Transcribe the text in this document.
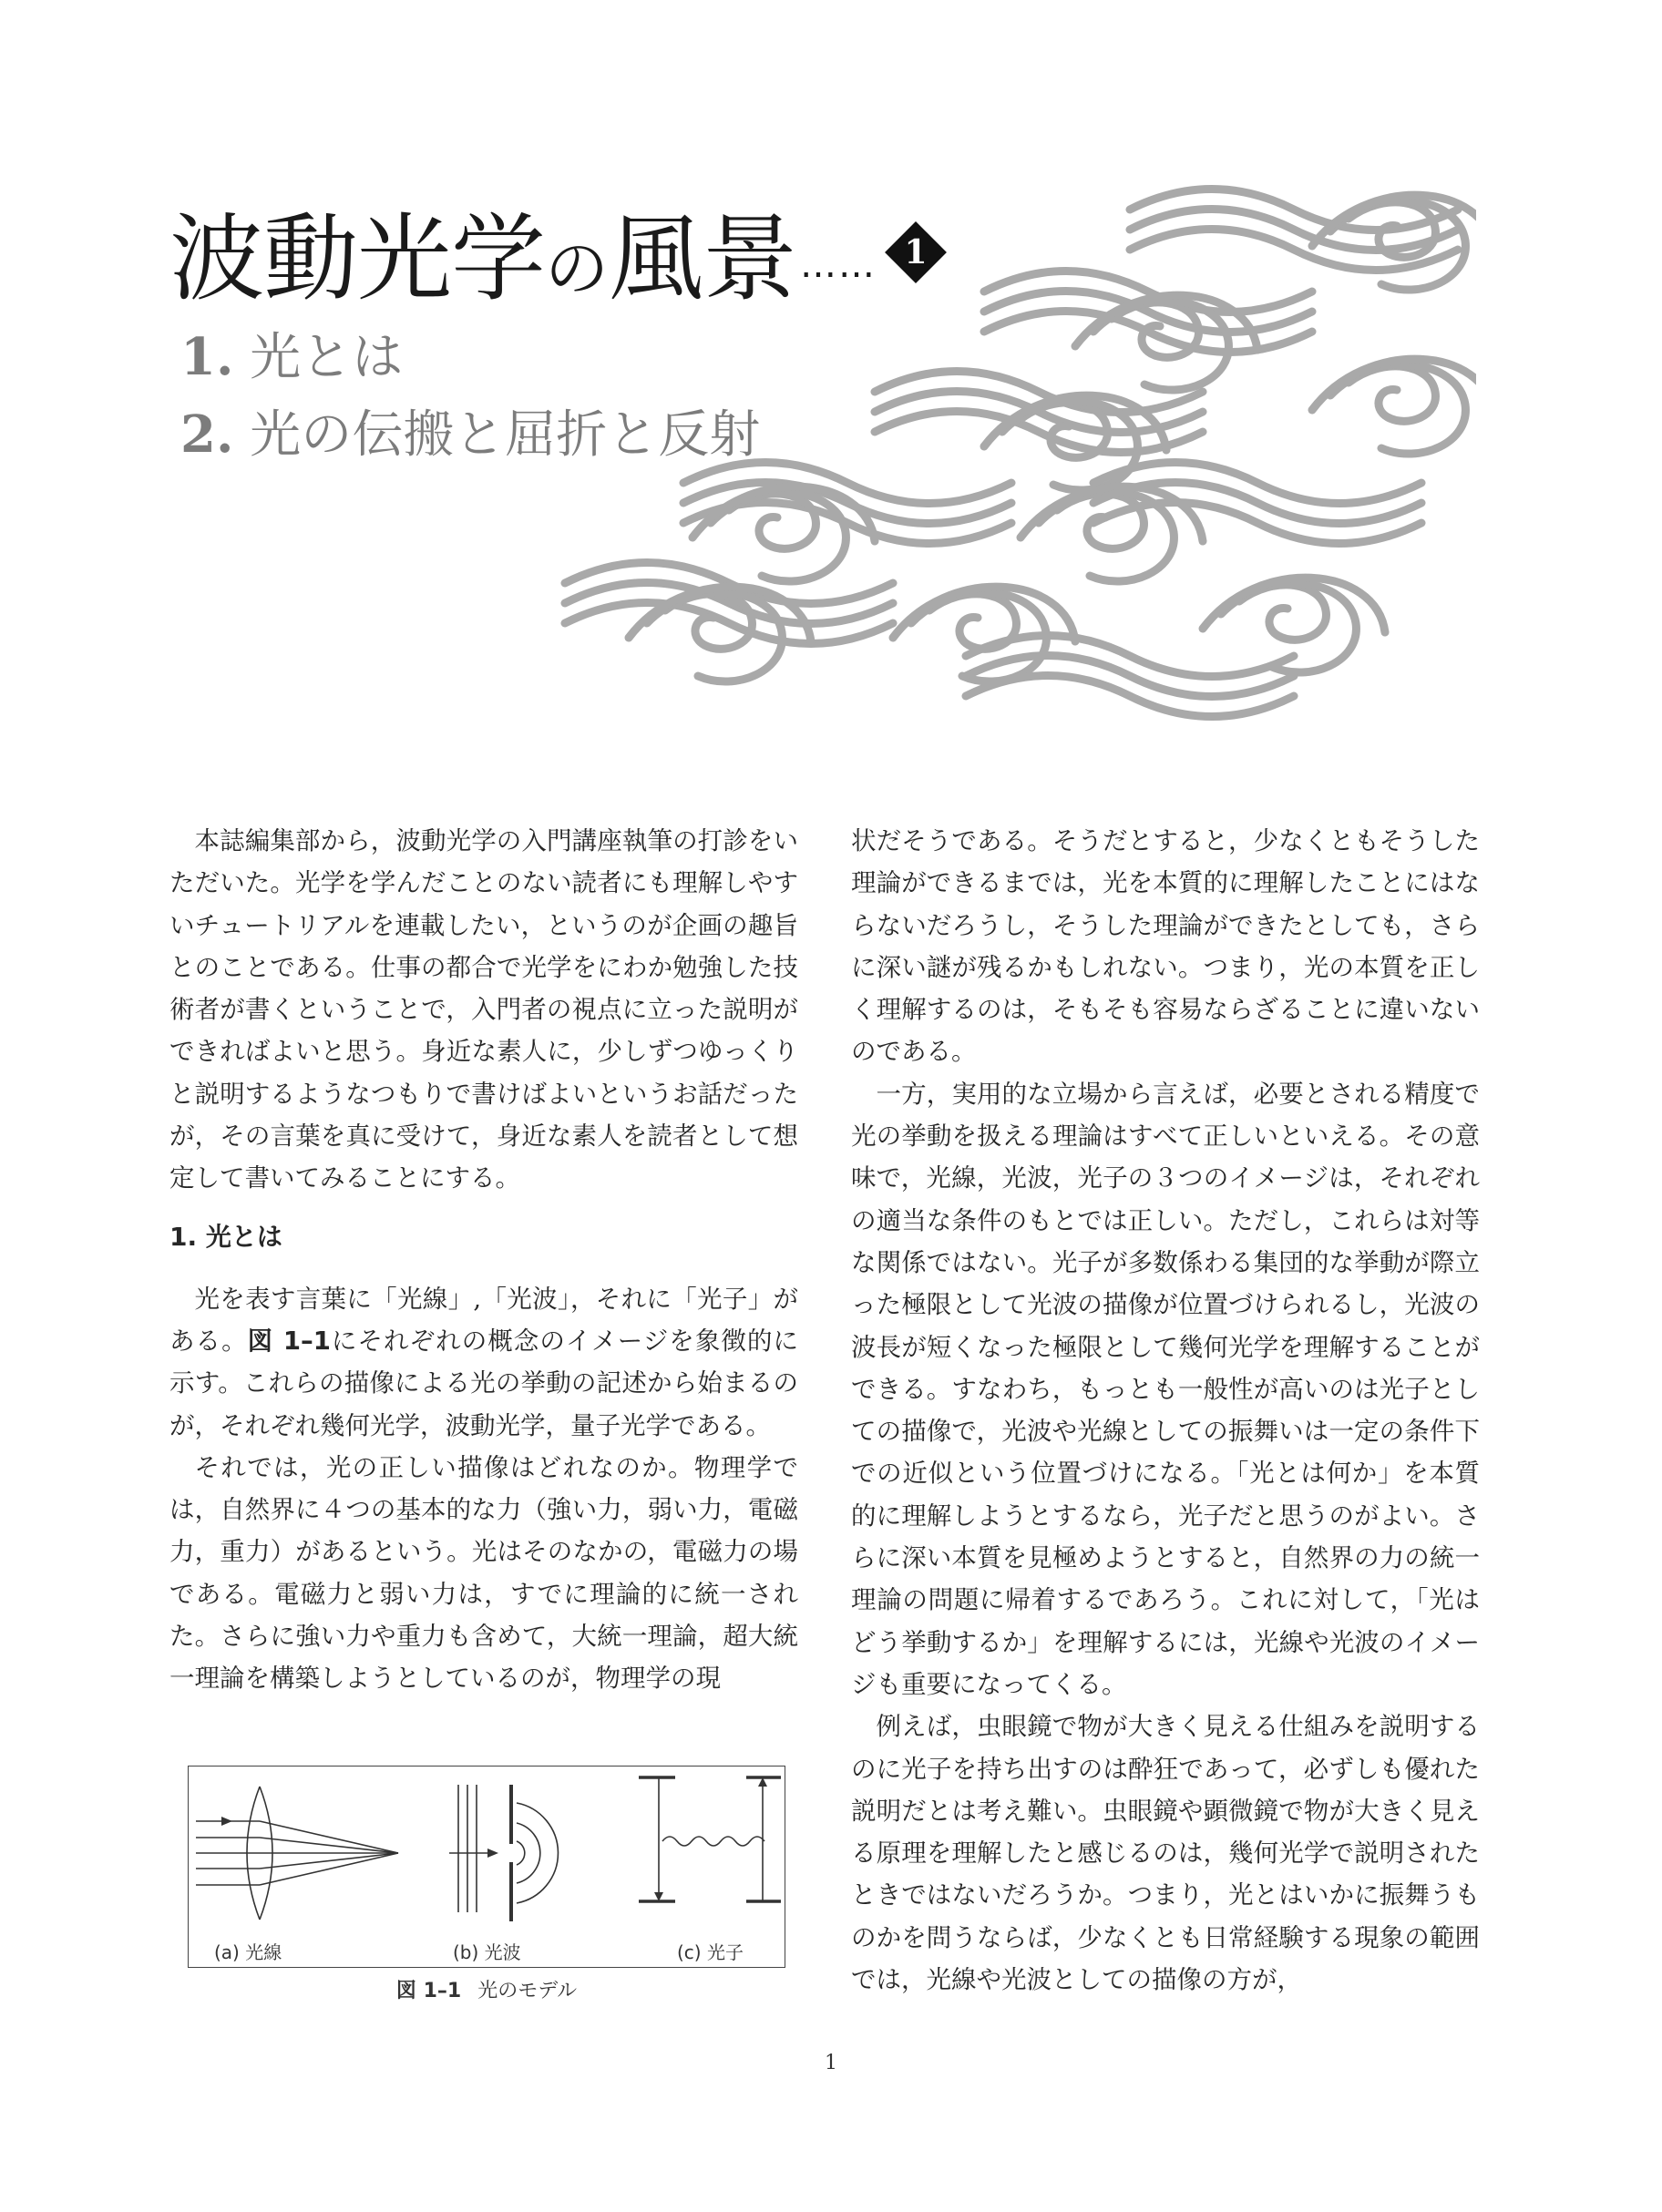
波動光学 の 風景 …… 1
1. 光とは
2. 光の伝搬と屈折と反射

本誌編集部から，波動光学の入門講座執筆の打診をいただいた。光学を学んだことのない読者にも理解しやすいチュートリアルを連載したい，というのが企画の趣旨とのことである。仕事の都合で光学をにわか勉強した技術者が書くということで，入門者の視点に立った説明ができればよいと思う。身近な素人に，少しずつゆっくりと説明するようなつもりで書けばよいというお話だったが，その言葉を真に受けて，身近な素人を読者として想定して書いてみることにする。

1. 光とは

光を表す言葉に「光線」,「光波」，それに「光子」がある。図 1–1にそれぞれの概念のイメージを象徴的に示す。これらの描像による光の挙動の記述から始まるのが，それぞれ幾何光学，波動光学，量子光学である。

それでは，光の正しい描像はどれなのか。物理学では，自然界に４つの基本的な力（強い力，弱い力，電磁力，重力）があるという。光はそのなかの，電磁力の場である。電磁力と弱い力は，すでに理論的に統一された。さらに強い力や重力も含めて，大統一理論，超大統一理論を構築しようとしているのが，物理学の現

状だそうである。そうだとすると，少なくともそうした理論ができるまでは，光を本質的に理解したことにはならないだろうし，そうした理論ができたとしても，さらに深い謎が残るかもしれない。つまり，光の本質を正しく理解するのは，そもそも容易ならざることに違いないのである。

一方，実用的な立場から言えば，必要とされる精度で光の挙動を扱える理論はすべて正しいといえる。その意味で，光線，光波，光子の３つのイメージは，それぞれの適当な条件のもとでは正しい。ただし，これらは対等な関係ではない。光子が多数係わる集団的な挙動が際立った極限として光波の描像が位置づけられるし，光波の波長が短くなった極限として幾何光学を理解することができる。すなわち，もっとも一般性が高いのは光子としての描像で，光波や光線としての振舞いは一定の条件下での近似という位置づけになる。「光とは何か」を本質的に理解しようとするなら，光子だと思うのがよい。さらに深い本質を見極めようとすると，自然界の力の統一理論の問題に帰着するであろう。これに対して，「光はどう挙動するか」を理解するには，光線や光波のイメージも重要になってくる。

例えば，虫眼鏡で物が大きく見える仕組みを説明するのに光子を持ち出すのは酔狂であって，必ずしも優れた説明だとは考え難い。虫眼鏡や顕微鏡で物が大きく見える原理を理解したと感じるのは，幾何光学で説明されたときではないだろうか。つまり，光とはいかに振舞うものかを問うならば，少なくとも日常経験する現象の範囲では，光線や光波としての描像の方が，

(a) 光線	(b) 光波	(c) 光子
図 1–1 光のモデル
1
